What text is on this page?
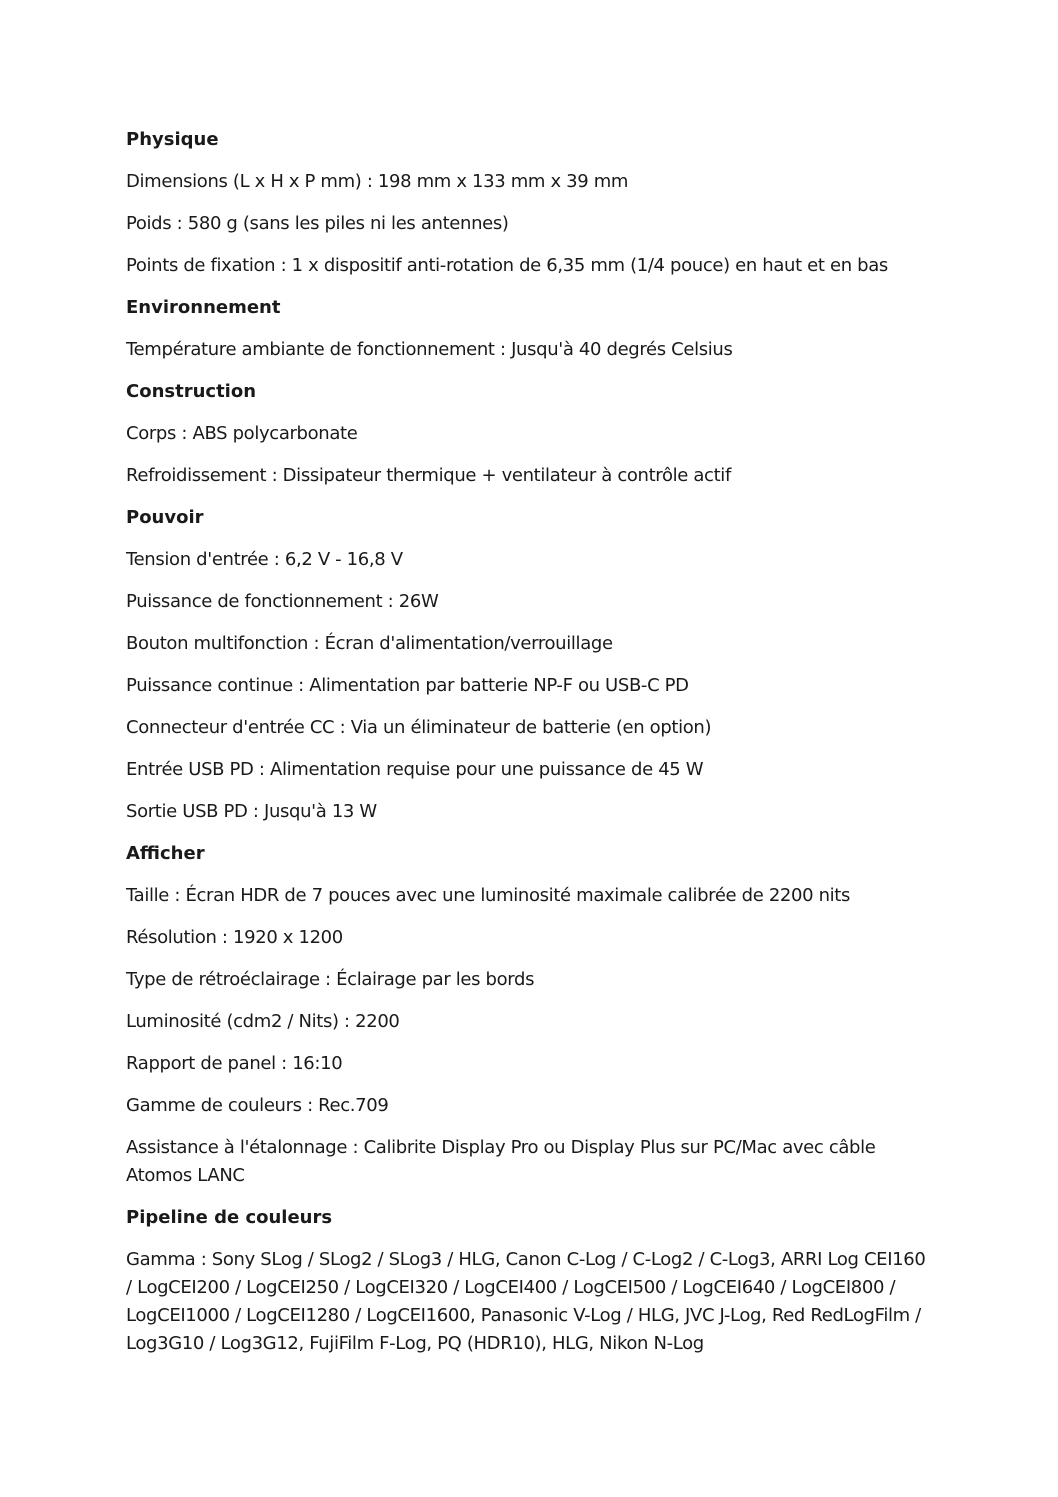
Physique
Dimensions (L x H x P mm) : 198 mm x 133 mm x 39 mm
Poids : 580 g (sans les piles ni les antennes)
Points de fixation : 1 x dispositif anti-rotation de 6,35 mm (1/4 pouce) en haut et en bas
Environnement
Température ambiante de fonctionnement : Jusqu'à 40 degrés Celsius
Construction
Corps : ABS polycarbonate
Refroidissement : Dissipateur thermique + ventilateur à contrôle actif
Pouvoir
Tension d'entrée : 6,2 V - 16,8 V
Puissance de fonctionnement : 26W
Bouton multifonction : Écran d'alimentation/verrouillage
Puissance continue : Alimentation par batterie NP-F ou USB-C PD
Connecteur d'entrée CC : Via un éliminateur de batterie (en option)
Entrée USB PD : Alimentation requise pour une puissance de 45 W
Sortie USB PD : Jusqu'à 13 W
Afficher
Taille : Écran HDR de 7 pouces avec une luminosité maximale calibrée de 2200 nits
Résolution : 1920 x 1200
Type de rétroéclairage : Éclairage par les bords
Luminosité (cdm2 / Nits) : 2200
Rapport de panel : 16:10
Gamme de couleurs : Rec.709
Assistance à l'étalonnage : Calibrite Display Pro ou Display Plus sur PC/Mac avec câble Atomos LANC
Pipeline de couleurs
Gamma : Sony SLog / SLog2 / SLog3 / HLG, Canon C-Log / C-Log2 / C-Log3, ARRI Log CEI160 / LogCEI200 / LogCEI250 / LogCEI320 / LogCEI400 / LogCEI500 / LogCEI640 / LogCEI800 / LogCEI1000 / LogCEI1280 / LogCEI1600, Panasonic V-Log / HLG, JVC J-Log, Red RedLogFilm / Log3G10 / Log3G12, FujiFilm F-Log, PQ (HDR10), HLG, Nikon N-Log
